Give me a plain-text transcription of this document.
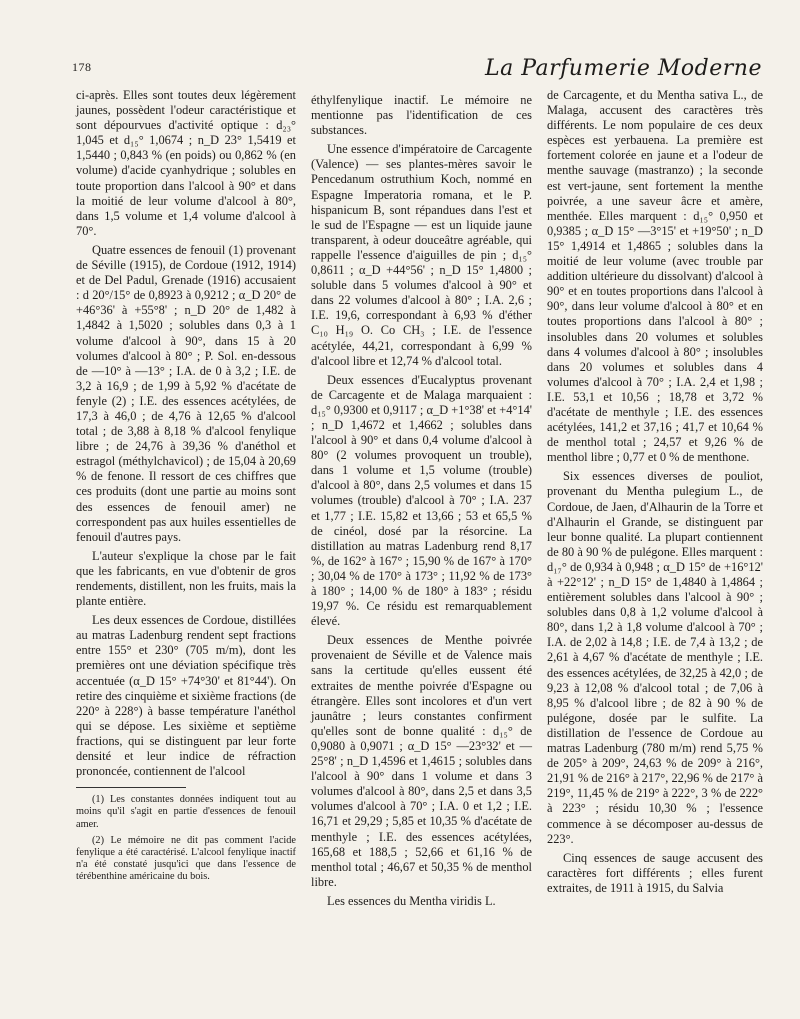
178	La Parfumerie Moderne

ci-après. Elles sont toutes deux légèrement jaunes, possèdent l'odeur caractéristique et sont dépourvues d'activité optique : d₂₃° 1,045 et d₁₅° 1,0674 ; n_D 23° 1,5419 et 1,5440 ; 0,843 % (en poids) ou 0,862 % (en volume) d'acide cyanhydrique ; solubles en toute proportion dans l'alcool à 90° et dans la moitié de leur volume d'alcool à 80°, dans 1,5 volume et 1,4 volume d'alcool à 70°.

Quatre essences de fenouil (1) provenant de Séville (1915), de Cordoue (1912, 1914) et de Del Padul, Grenade (1916) accusaient : d 20°/15° de 0,8923 à 0,9212 ; α_D 20° de +46°36' à +55°8' ; n_D 20° de 1,482 à 1,4842 à 1,5020 ; solubles dans 0,3 à 1 volume d'alcool à 90°, dans 15 à 20 volumes d'alcool à 80° ; P. Sol. en-dessous de —10° à —13° ; I.A. de 0 à 3,2 ; I.E. de 3,2 à 16,9 ; de 1,99 à 5,92 % d'acétate de fenyle (2) ; I.E. des essences acétylées, de 17,3 à 46,0 ; de 4,76 à 12,65 % d'alcool total ; de 3,88 à 8,18 % d'alcool fenylique libre ; de 24,76 à 39,36 % d'anéthol et estragol (méthylchavicol) ; de 15,04 à 20,69 % de fenone. Il ressort de ces chiffres que ces produits (dont une partie au moins sont des essences de fenouil amer) ne correspondent pas aux huiles essentielles de fenouil d'autres pays.

L'auteur s'explique la chose par le fait que les fabricants, en vue d'obtenir de gros rendements, distillent, non les fruits, mais la plante entière.

Les deux essences de Cordoue, distillées au matras Ladenburg rendent sept fractions entre 155° et 230° (705 m/m), dont les premières ont une déviation spécifique très accentuée (α_D 15° +74°30' et 81°44'). On retire des cinquième et sixième fractions (de 220° à 228°) à basse température l'anéthol qui se dépose. Les sixième et septième fractions, qui se distinguent par leur forte densité et leur indice de réfraction prononcée, contiennent de l'alcool

(1) Les constantes données indiquent tout au moins qu'il s'agit en partie d'essences de fenouil amer.

(2) Le mémoire ne dit pas comment l'acide fenylique a été caractérisé. L'alcool fenylique inactif n'a été constaté jusqu'ici que dans l'essence de térébenthine américaine du bois.

éthylfenylique inactif. Le mémoire ne mentionne pas l'identification de ces substances.

Une essence d'impératoire de Carcagente (Valence) — ses plantes-mères savoir le Pencedanum ostruthium Koch, nommé en Espagne Imperatoria romana, et le P. hispanicum B, sont répandues dans l'est et le sud de l'Espagne — est un liquide jaune transparent, à odeur douceâtre agréable, qui rappelle l'essence d'aiguilles de pin ; d₁₅° 0,8611 ; α_D +44°56' ; n_D 15° 1,4800 ; soluble dans 5 volumes d'alcool à 90° et dans 22 volumes d'alcool à 80° ; I.A. 2,6 ; I.E. 19,6, correspondant à 6,93 % d'éther C₁₀ H₁₉ O. Co CH₃ ; I.E. de l'essence acétylée, 44,21, correspondant à 6,99 % d'alcool libre et 12,74 % d'alcool total.

Deux essences d'Eucalyptus provenant de Carcagente et de Malaga marquaient : d₁₅° 0,9300 et 0,9117 ; α_D +1°38' et +4°14' ; n_D 1,4672 et 1,4662 ; solubles dans l'alcool à 90° et dans 0,4 volume d'alcool à 80° (2 volumes provoquent un trouble), dans 1 volume et 1,5 volume (trouble) d'alcool à 80°, dans 2,5 volumes et dans 15 volumes (trouble) d'alcool à 70° ; I.A. 237 et 1,77 ; I.E. 15,82 et 13,66 ; 53 et 65,5 % de cinéol, dosé par la résorcine. La distillation au matras Ladenburg rend 8,17 %, de 162° à 167° ; 15,90 % de 167° à 170° ; 30,04 % de 170° à 173° ; 11,92 % de 173° à 180° ; 14,00 % de 180° à 183° ; résidu 19,97 %. Ce résidu est remarquablement élevé.

Deux essences de Menthe poivrée provenaient de Séville et de Valence mais sans la certitude qu'elles eussent été extraites de menthe poivrée d'Espagne ou étrangère. Elles sont incolores et d'un vert jaunâtre ; leurs constantes confirment qu'elles sont de bonne qualité : d₁₅° de 0,9080 à 0,9071 ; α_D 15° —23°32' et —25°8' ; n_D 1,4596 et 1,4615 ; solubles dans l'alcool à 90° dans 1 volume et dans 3 volumes d'alcool à 80°, dans 2,5 et dans 3,5 volumes d'alcool à 70° ; I.A. 0 et 1,2 ; I.E. 16,71 et 29,29 ; 5,85 et 10,35 % d'acétate de menthyle ; I.E. des essences acétylées, 165,68 et 188,5 ; 52,66 et 61,16 % de menthol total ; 46,67 et 50,35 % de menthol libre.

Les essences du Mentha viridis L.

de Carcagente, et du Mentha sativa L., de Malaga, accusent des caractères très différents. Le nom populaire de ces deux espèces est yerbauena. La première est fortement colorée en jaune et a l'odeur de menthe sauvage (mastranzo) ; la seconde est vert-jaune, sent fortement la menthe poivrée, a une saveur âcre et amère, menthée. Elles marquent : d₁₅° 0,950 et 0,9385 ; α_D 15° —3°15' et +19°50' ; n_D 15° 1,4914 et 1,4865 ; solubles dans la moitié de leur volume (avec trouble par addition ultérieure du dissolvant) d'alcool à 90° et en toutes proportions dans l'alcool à 90°, dans leur volume d'alcool à 80° et en toutes proportions dans l'alcool à 80° ; insolubles dans 20 volumes et solubles dans 4 volumes d'alcool à 80° ; insolubles dans 20 volumes et solubles dans 4 volumes d'alcool à 70° ; I.A. 2,4 et 1,98 ; I.E. 53,1 et 10,56 ; 18,78 et 3,72 % d'acétate de menthyle ; I.E. des essences acétylées, 141,2 et 37,16 ; 41,7 et 10,64 % de menthol total ; 24,57 et 9,26 % de menthol libre ; 0,77 et 0 % de menthone.

Six essences diverses de pouliot, provenant du Mentha pulegium L., de Cordoue, de Jaen, d'Alhaurin de la Torre et d'Alhaurin el Grande, se distinguent par leur bonne qualité. La plupart contiennent de 80 à 90 % de pulégone. Elles marquent : d₁₇° de 0,934 à 0,948 ; α_D 15° de +16°12' à +22°12' ; n_D 15° de 1,4840 à 1,4864 ; entièrement solubles dans l'alcool à 90° ; solubles dans 0,8 à 1,2 volume d'alcool à 80°, dans 1,2 à 1,8 volume d'alcool à 70° ; I.A. de 2,02 à 14,8 ; I.E. de 7,4 à 13,2 ; de 2,61 à 4,67 % d'acétate de menthyle ; I.E. des essences acétylées, de 32,25 à 42,0 ; de 9,23 à 12,08 % d'alcool total ; de 7,06 à 8,95 % d'alcool libre ; de 82 à 90 % de pulégone, dosée par le sulfite. La distillation de l'essence de Cordoue au matras Ladenburg (780 m/m) rend 5,75 % de 205° à 209°, 24,63 % de 209° à 216°, 21,91 % de 216° à 217°, 22,96 % de 217° à 219°, 11,45 % de 219° à 222°, 3 % de 222° à 223° ; résidu 10,30 % ; l'essence commence à se décomposer au-dessus de 223°.

Cinq essences de sauge accusent des caractères fort différents ; elles furent extraites, de 1911 à 1915, du Salvia
